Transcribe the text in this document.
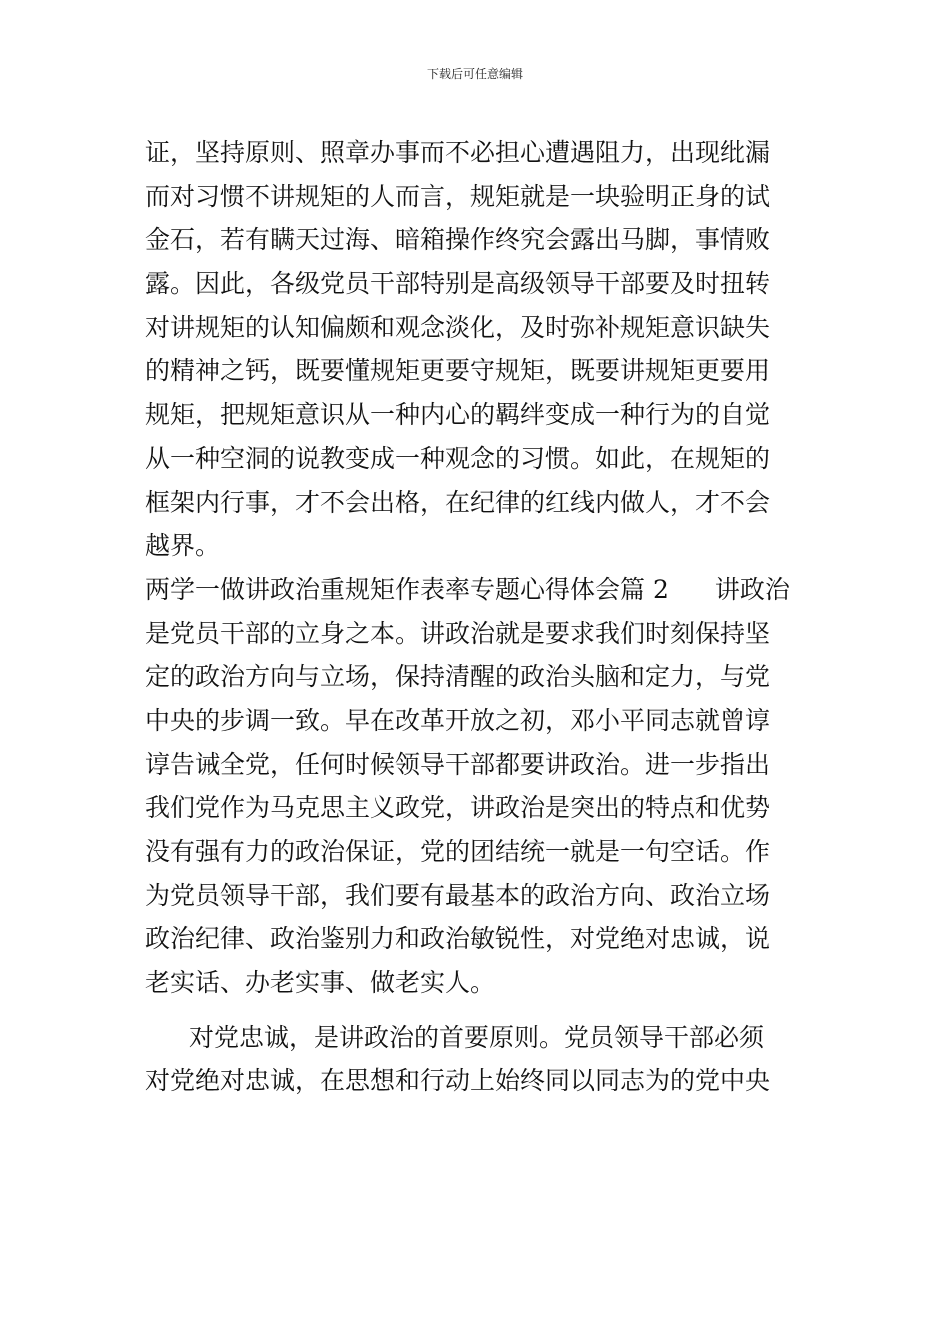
下载后可任意编辑
证，坚持原则、照章办事而不必担心遭遇阻力，出现纰漏
而对习惯不讲规矩的人而言，规矩就是一块验明正身的试
金石，若有瞒天过海、暗箱操作终究会露出马脚，事情败
露。因此，各级党员干部特别是高级领导干部要及时扭转
对讲规矩的认知偏颇和观念淡化，及时弥补规矩意识缺失
的精神之钙，既要懂规矩更要守规矩，既要讲规矩更要用
规矩，把规矩意识从一种内心的羁绊变成一种行为的自觉
从一种空洞的说教变成一种观念的习惯。如此，在规矩的
框架内行事，才不会出格，在纪律的红线内做人，才不会
越界。
两学一做讲政治重规矩作表率专题心得体会篇 2 讲政治
是党员干部的立身之本。讲政治就是要求我们时刻保持坚
定的政治方向与立场，保持清醒的政治头脑和定力，与党
中央的步调一致。早在改革开放之初，邓小平同志就曾谆
谆告诫全党，任何时候领导干部都要讲政治。进一步指出
我们党作为马克思主义政党，讲政治是突出的特点和优势
没有强有力的政治保证，党的团结统一就是一句空话。作
为党员领导干部，我们要有最基本的政治方向、政治立场
政治纪律、政治鉴别力和政治敏锐性，对党绝对忠诚，说
老实话、办老实事、做老实人。
对党忠诚，是讲政治的首要原则。党员领导干部必须
对党绝对忠诚，在思想和行动上始终同以同志为的党中央
